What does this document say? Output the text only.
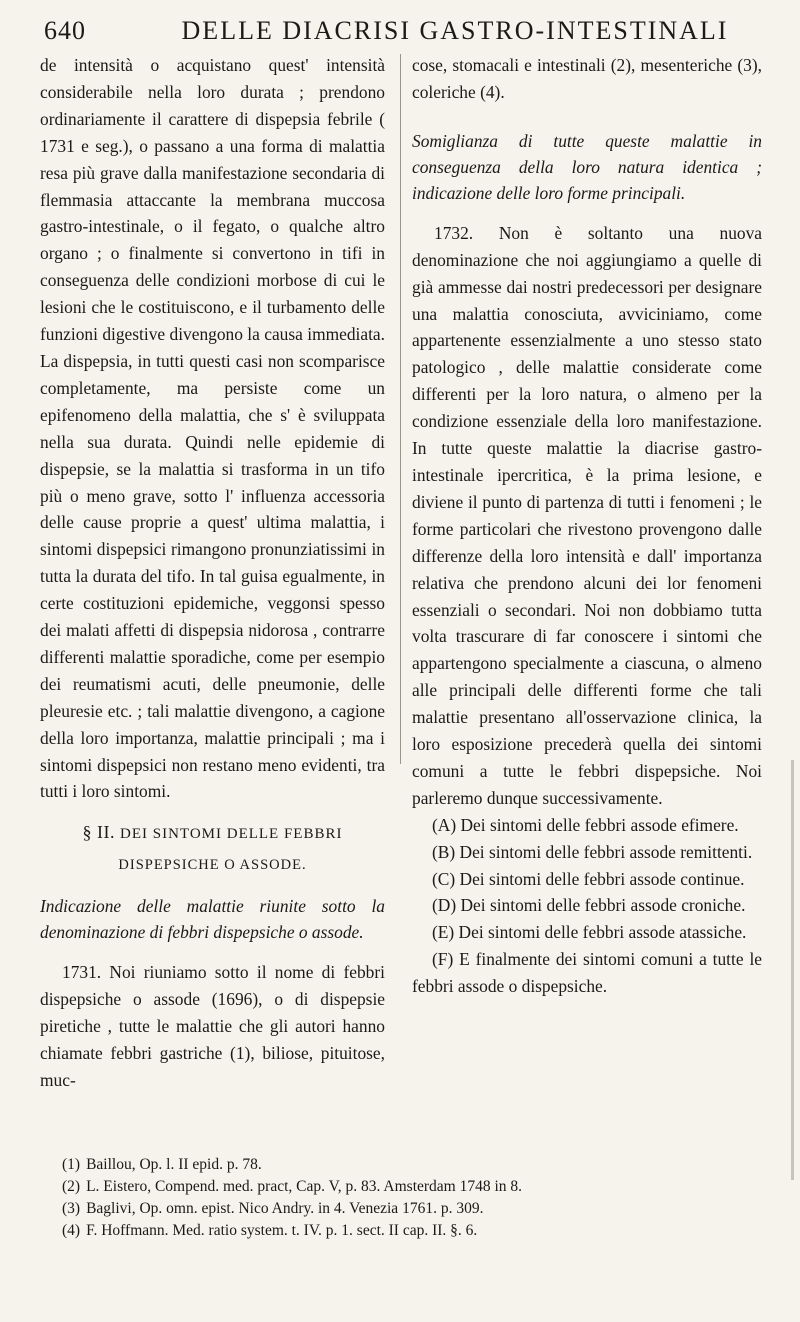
640	DELLE DIACRISI GASTRO-INTESTINALI

de intensità o acquistano quest' intensità considerabile nella loro durata ; prendono ordinariamente il carattere di dispepsia febrile ( 1731 e seg.), o passano a una forma di malattia resa più grave dalla manifestazione secondaria di flemmasia attaccante la membrana muccosa gastro-intestinale, o il fegato, o qualche altro organo ; o finalmente si convertono in tifi in conseguenza delle condizioni morbose di cui le lesioni che le costituiscono, e il turbamento delle funzioni digestive divengono la causa immediata. La dispepsia, in tutti questi casi non scomparisce completamente, ma persiste come un epifenomeno della malattia, che s' è sviluppata nella sua durata. Quindi nelle epidemie di dispepsie, se la malattia si trasforma in un tifo più o meno grave, sotto l' influenza accessoria delle cause proprie a quest' ultima malattia, i sintomi dispepsici rimangono pronunziatissimi in tutta la durata del tifo. In tal guisa egualmente, in certe costituzioni epidemiche, veggonsi spesso dei malati affetti di dispepsia nidorosa , contrarre differenti malattie sporadiche, come per esempio dei reumatismi acuti, delle pneumonie, delle pleuresie etc. ; tali malattie divengono, a cagione della loro importanza, malattie principali ; ma i sintomi dispepsici non restano meno evidenti, tra tutti i loro sintomi.

§ II. DEI SINTOMI DELLE FEBBRI
DISPEPSICHE O ASSODE.
Indicazione delle malattie riunite sotto la denominazione di febbri dispepsiche o assode.

1731. Noi riuniamo sotto il nome di febbri dispepsiche o assode (1696), o di dispepsie piretiche , tutte le malattie che gli autori hanno chiamate febbri gastriche (1), biliose, pituitose, muc-

cose, stomacali e intestinali (2), mesenteriche (3), coleriche (4).

Somiglianza di tutte queste malattie in conseguenza della loro natura identica ; indicazione delle loro forme principali.

1732. Non è soltanto una nuova denominazione che noi aggiungiamo a quelle di già ammesse dai nostri predecessori per designare una malattia conosciuta, avviciniamo, come appartenente essenzialmente a uno stesso stato patologico , delle malattie considerate come differenti per la loro natura, o almeno per la condizione essenziale della loro manifestazione. In tutte queste malattie la diacrise gastro-intestinale ipercritica, è la prima lesione, e diviene il punto di partenza di tutti i fenomeni ; le forme particolari che rivestono provengono dalle differenze della loro intensità e dall' importanza relativa che prendono alcuni dei lor fenomeni essenziali o secondari. Noi non dobbiamo tutta volta trascurare di far conoscere i sintomi che appartengono specialmente a ciascuna, o almeno alle principali delle differenti forme che tali malattie presentano all'osservazione clinica, la loro esposizione precederà quella dei sintomi comuni a tutte le febbri dispepsiche. Noi parleremo dunque successivamente.

(A) Dei sintomi delle febbri assode efimere.

(B) Dei sintomi delle febbri assode remittenti.

(C) Dei sintomi delle febbri assode continue.

(D) Dei sintomi delle febbri assode croniche.

(E) Dei sintomi delle febbri assode atassiche.

(F) E finalmente dei sintomi comuni a tutte le febbri assode o dispepsiche.

(1) Baillou, Op. l. II epid. p. 78.

(2) L. Eistero, Compend. med. pract, Cap. V, p. 83. Amsterdam 1748 in 8.

(3) Baglivi, Op. omn. epist. Nico Andry. in 4. Venezia 1761. p. 309.

(4) F. Hoffmann. Med. ratio system. t. IV. p. 1. sect. II cap. II. §. 6.
